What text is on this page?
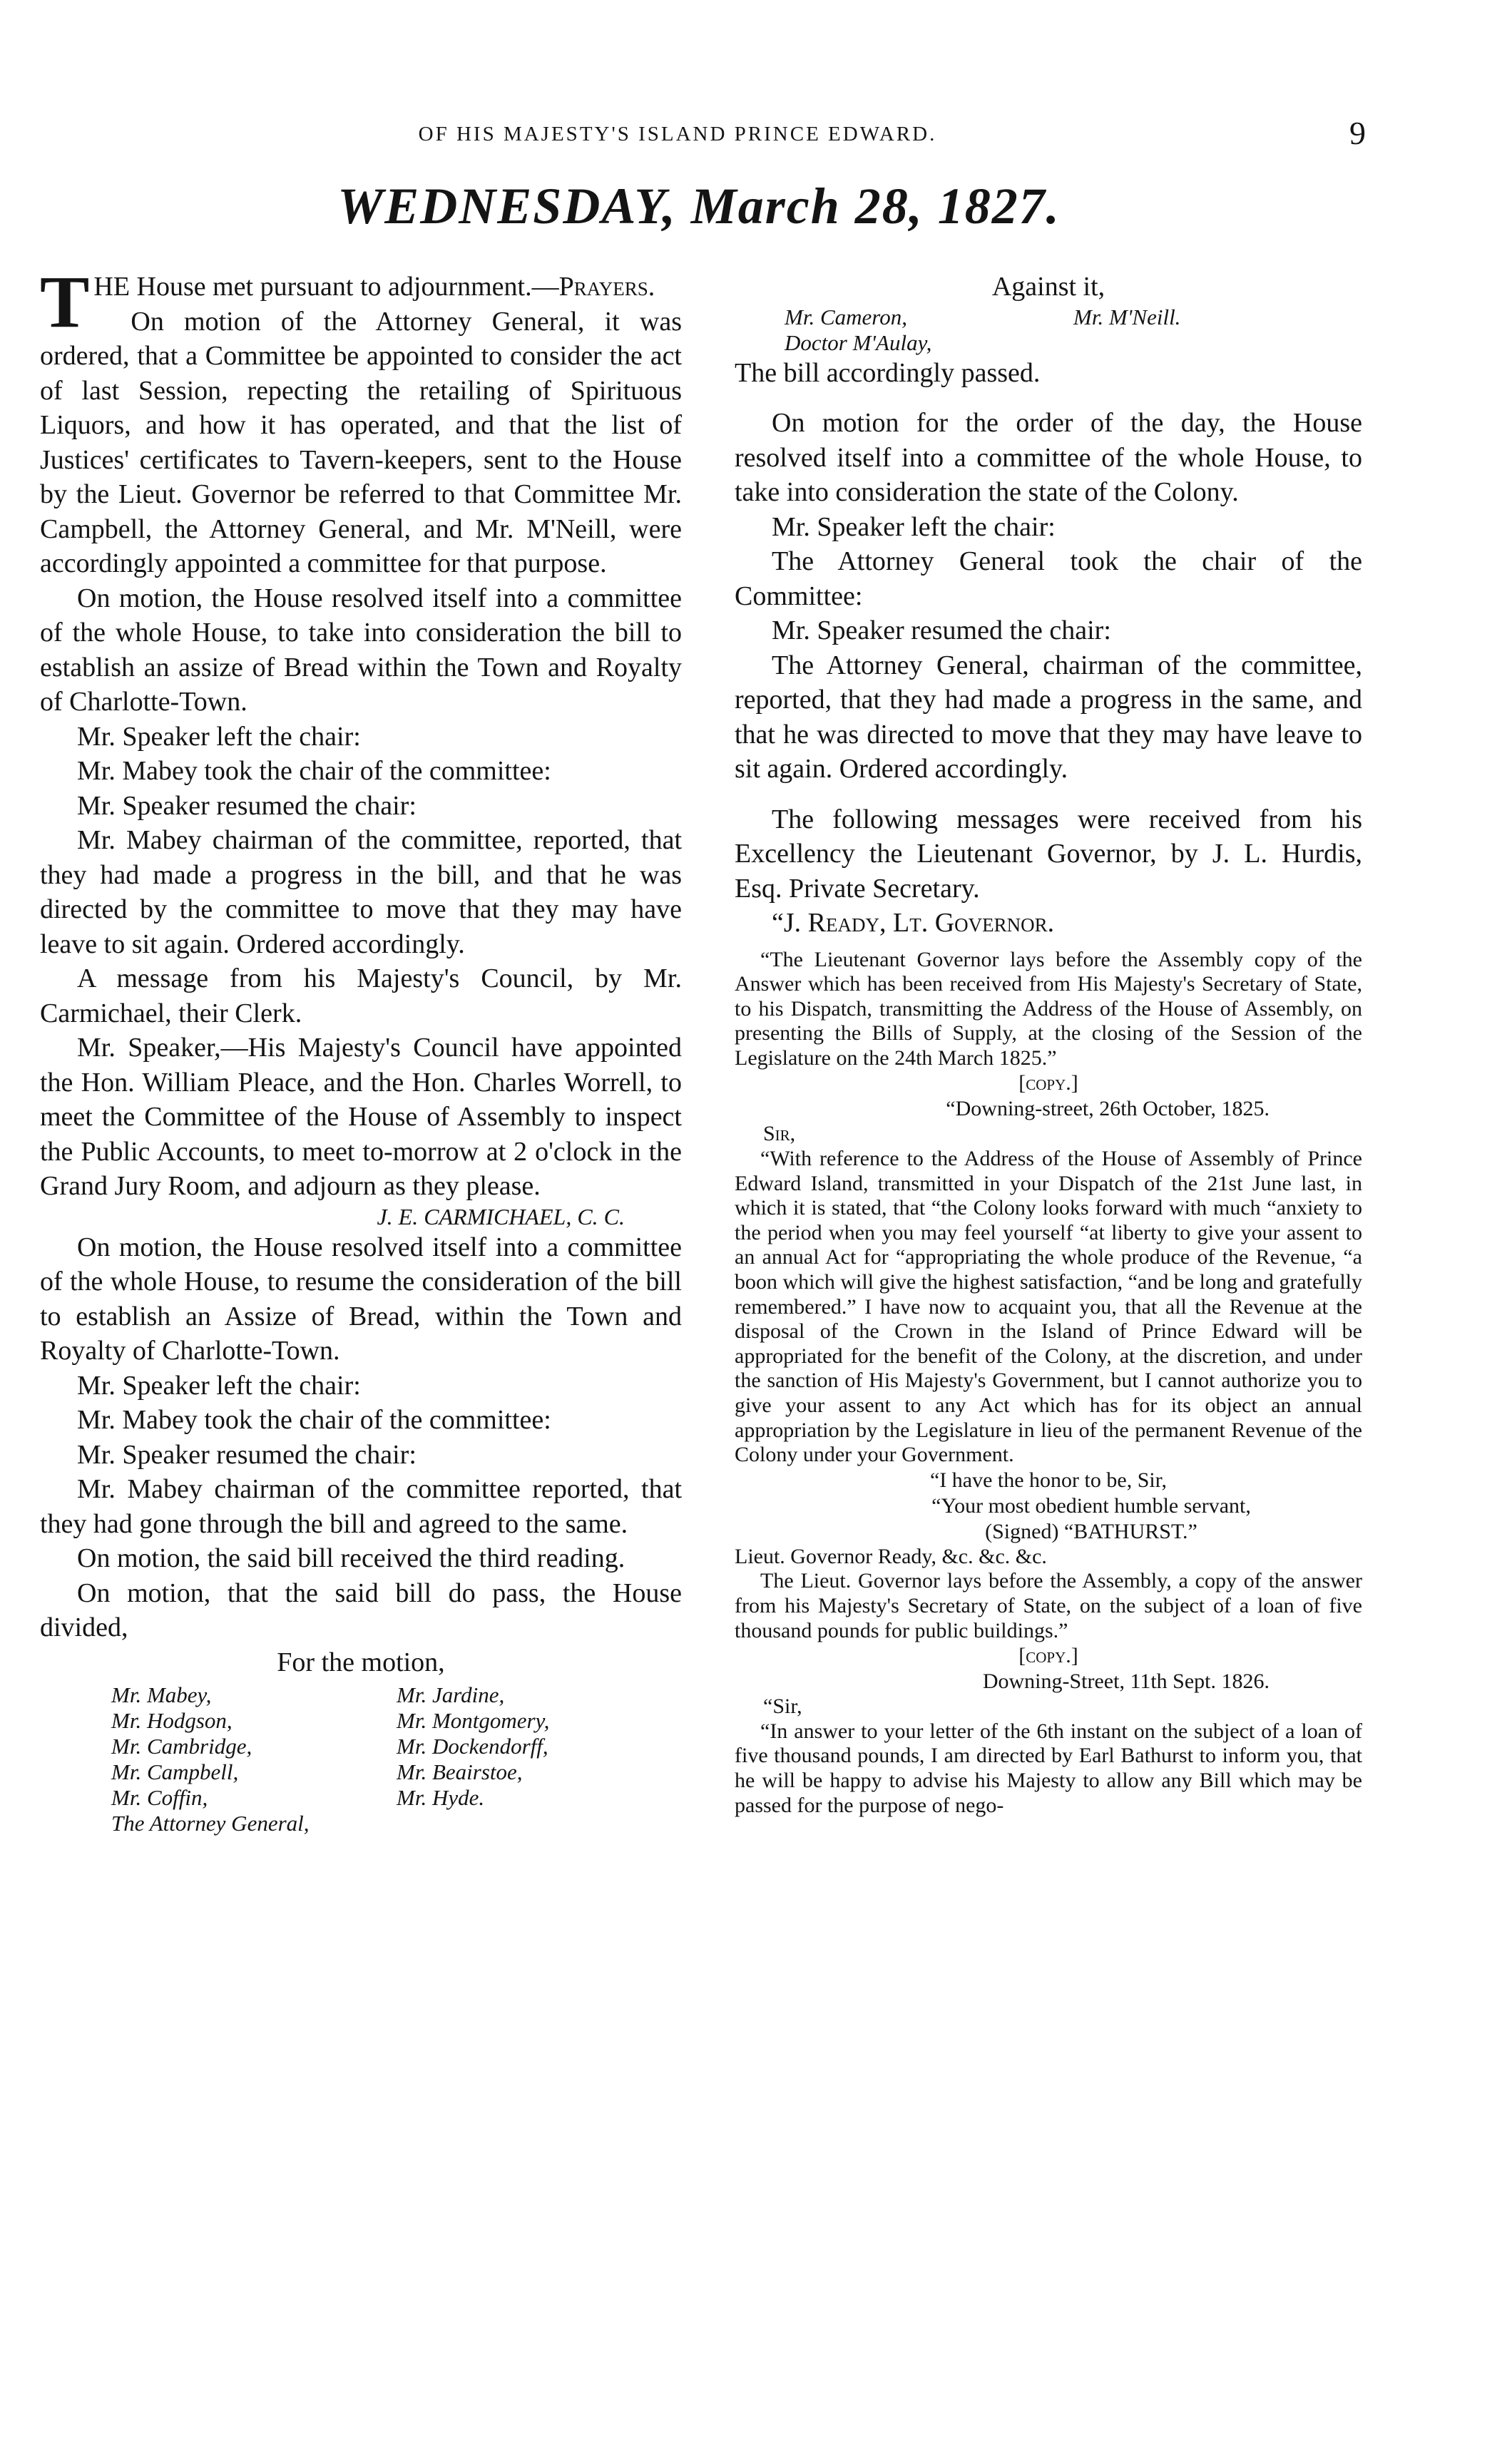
OF HIS MAJESTY'S ISLAND PRINCE EDWARD.	9
WEDNESDAY, March 28, 1827.

THE House met pursuant to adjournment.—Prayers.

On motion of the Attorney General, it was ordered, that a Committee be appointed to consider the act of last Session, repecting the retailing of Spirituous Liquors, and how it has operated, and that the list of Justices' certificates to Tavern-keepers, sent to the House by the Lieut. Governor be referred to that Committee Mr. Campbell, the Attorney General, and Mr. M'Neill, were accordingly appointed a committee for that purpose.

On motion, the House resolved itself into a committee of the whole House, to take into consideration the bill to establish an assize of Bread within the Town and Royalty of Charlotte-Town.

Mr. Speaker left the chair:

Mr. Mabey took the chair of the committee:

Mr. Speaker resumed the chair:

Mr. Mabey chairman of the committee, reported, that they had made a progress in the bill, and that he was directed by the committee to move that they may have leave to sit again. Ordered accordingly.

A message from his Majesty's Council, by Mr. Carmichael, their Clerk.

Mr. Speaker,—His Majesty's Council have appointed the Hon. William Pleace, and the Hon. Charles Worrell, to meet the Committee of the House of Assembly to inspect the Public Accounts, to meet to-morrow at 2 o'clock in the Grand Jury Room, and adjourn as they please.

J. E. CARMICHAEL, C. C.

On motion, the House resolved itself into a committee of the whole House, to resume the consideration of the bill to establish an Assize of Bread, within the Town and Royalty of Charlotte-Town.

Mr. Speaker left the chair:

Mr. Mabey took the chair of the committee:

Mr. Speaker resumed the chair:

Mr. Mabey chairman of the committee reported, that they had gone through the bill and agreed to the same.

On motion, the said bill received the third reading.

On motion, that the said bill do pass, the House divided,

For the motion,

Mr. Mabey,	Mr. Jardine,
Mr. Hodgson,	Mr. Montgomery,
Mr. Cambridge,	Mr. Dockendorff,
Mr. Campbell,	Mr. Beairstoe,
Mr. Coffin,	Mr. Hyde.
The Attorney General,

Against it,

Mr. Cameron,	Mr. M'Neill.
Doctor M'Aulay,

The bill accordingly passed.

On motion for the order of the day, the House resolved itself into a committee of the whole House, to take into consideration the state of the Colony.

Mr. Speaker left the chair:

The Attorney General took the chair of the Committee:

Mr. Speaker resumed the chair:

The Attorney General, chairman of the committee, reported, that they had made a progress in the same, and that he was directed to move that they may have leave to sit again. Ordered accordingly.

The following messages were received from his Excellency the Lieutenant Governor, by J. L. Hurdis, Esq. Private Secretary.

“J. Ready, Lt. Governor.

“The Lieutenant Governor lays before the Assembly copy of the Answer which has been received from His Majesty's Secretary of State, to his Dispatch, transmitting the Address of the House of Assembly, on presenting the Bills of Supply, at the closing of the Session of the Legislature on the 24th March 1825.”

[copy.]

“Downing-street, 26th October, 1825.

Sir,

“With reference to the Address of the House of Assembly of Prince Edward Island, transmitted in your Dispatch of the 21st June last, in which it is stated, that “the Colony looks forward with much “anxiety to the period when you may feel yourself “at liberty to give your assent to an annual Act for “appropriating the whole produce of the Revenue, “a boon which will give the highest satisfaction, “and be long and gratefully remembered.” I have now to acquaint you, that all the Revenue at the disposal of the Crown in the Island of Prince Edward will be appropriated for the benefit of the Colony, at the discretion, and under the sanction of His Majesty's Government, but I cannot authorize you to give your assent to any Act which has for its object an annual appropriation by the Legislature in lieu of the permanent Revenue of the Colony under your Government.

“I have the honor to be, Sir,

“Your most obedient humble servant,

(Signed) “BATHURST.”

Lieut. Governor Ready, &c. &c. &c.

The Lieut. Governor lays before the Assembly, a copy of the answer from his Majesty's Secretary of State, on the subject of a loan of five thousand pounds for public buildings.”

[copy.]

Downing-Street, 11th Sept. 1826.

“Sir,

“In answer to your letter of the 6th instant on the subject of a loan of five thousand pounds, I am directed by Earl Bathurst to inform you, that he will be happy to advise his Majesty to allow any Bill which may be passed for the purpose of nego-
